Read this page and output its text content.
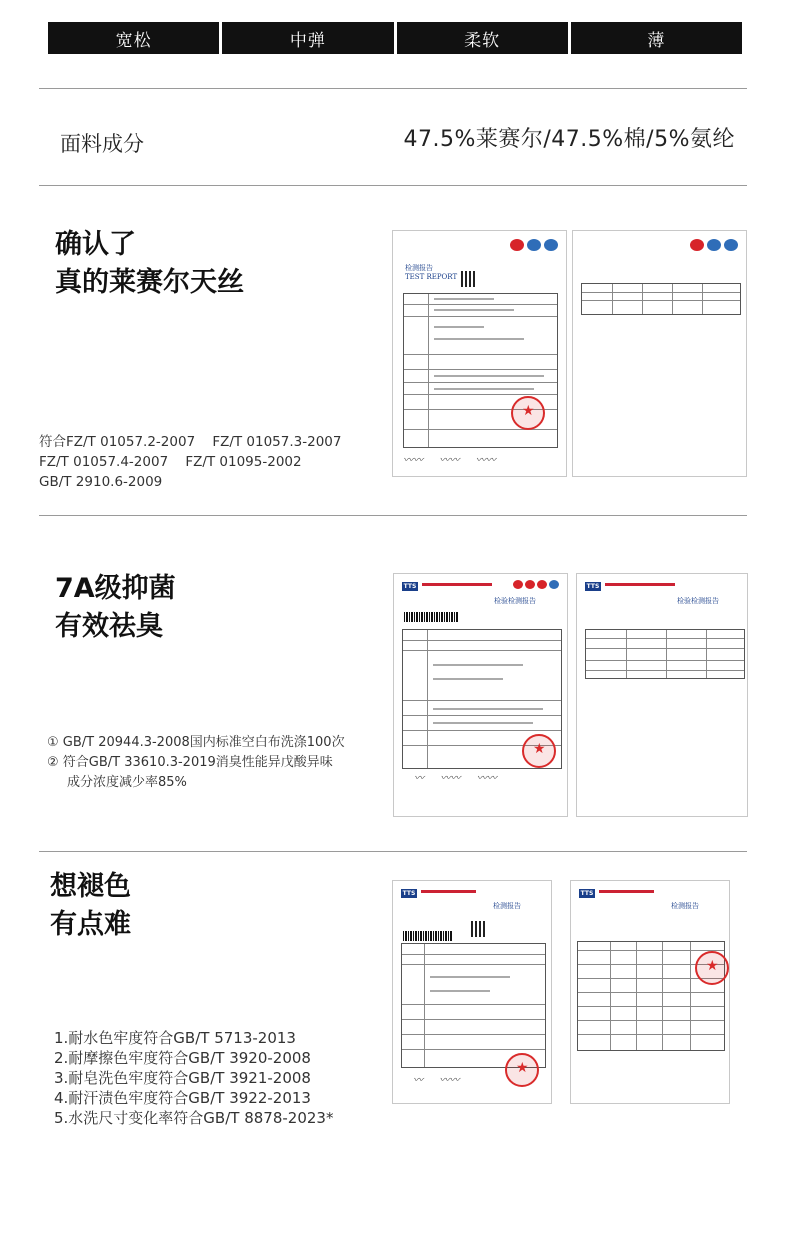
宽松	中弹	柔软	薄
面料成分	47.5%莱赛尔/47.5%棉/5%氨纶
确认了
真的莱赛尔天丝
符合FZ/T 01057.2-2007    FZ/T 01057.3-2007
FZ/T 01057.4-2007    FZ/T 01095-2002
GB/T 2910.6-2009
检测报告
TEST REPORT
★
〰〰 　 〰〰 　 〰〰
7A级抑菌
有效祛臭
① GB/T 20944.3-2008国内标准空白布洗涤100次
② 符合GB/T 33610.3-2019消臭性能异戊酸异味
成分浓度减少率85%
TTS
检验检测报告
★
〰 　 〰〰 　 〰〰
TTS
检验检测报告
想褪色
有点难
1.耐水色牢度符合GB/T 5713-2013
2.耐摩擦色牢度符合GB/T 3920-2008
3.耐皂洗色牢度符合GB/T 3921-2008
4.耐汗渍色牢度符合GB/T 3922-2013
5.水洗尺寸变化率符合GB/T 8878-2023*
TTS
检测报告
★
〰 　 〰〰
TTS
检测报告
★
